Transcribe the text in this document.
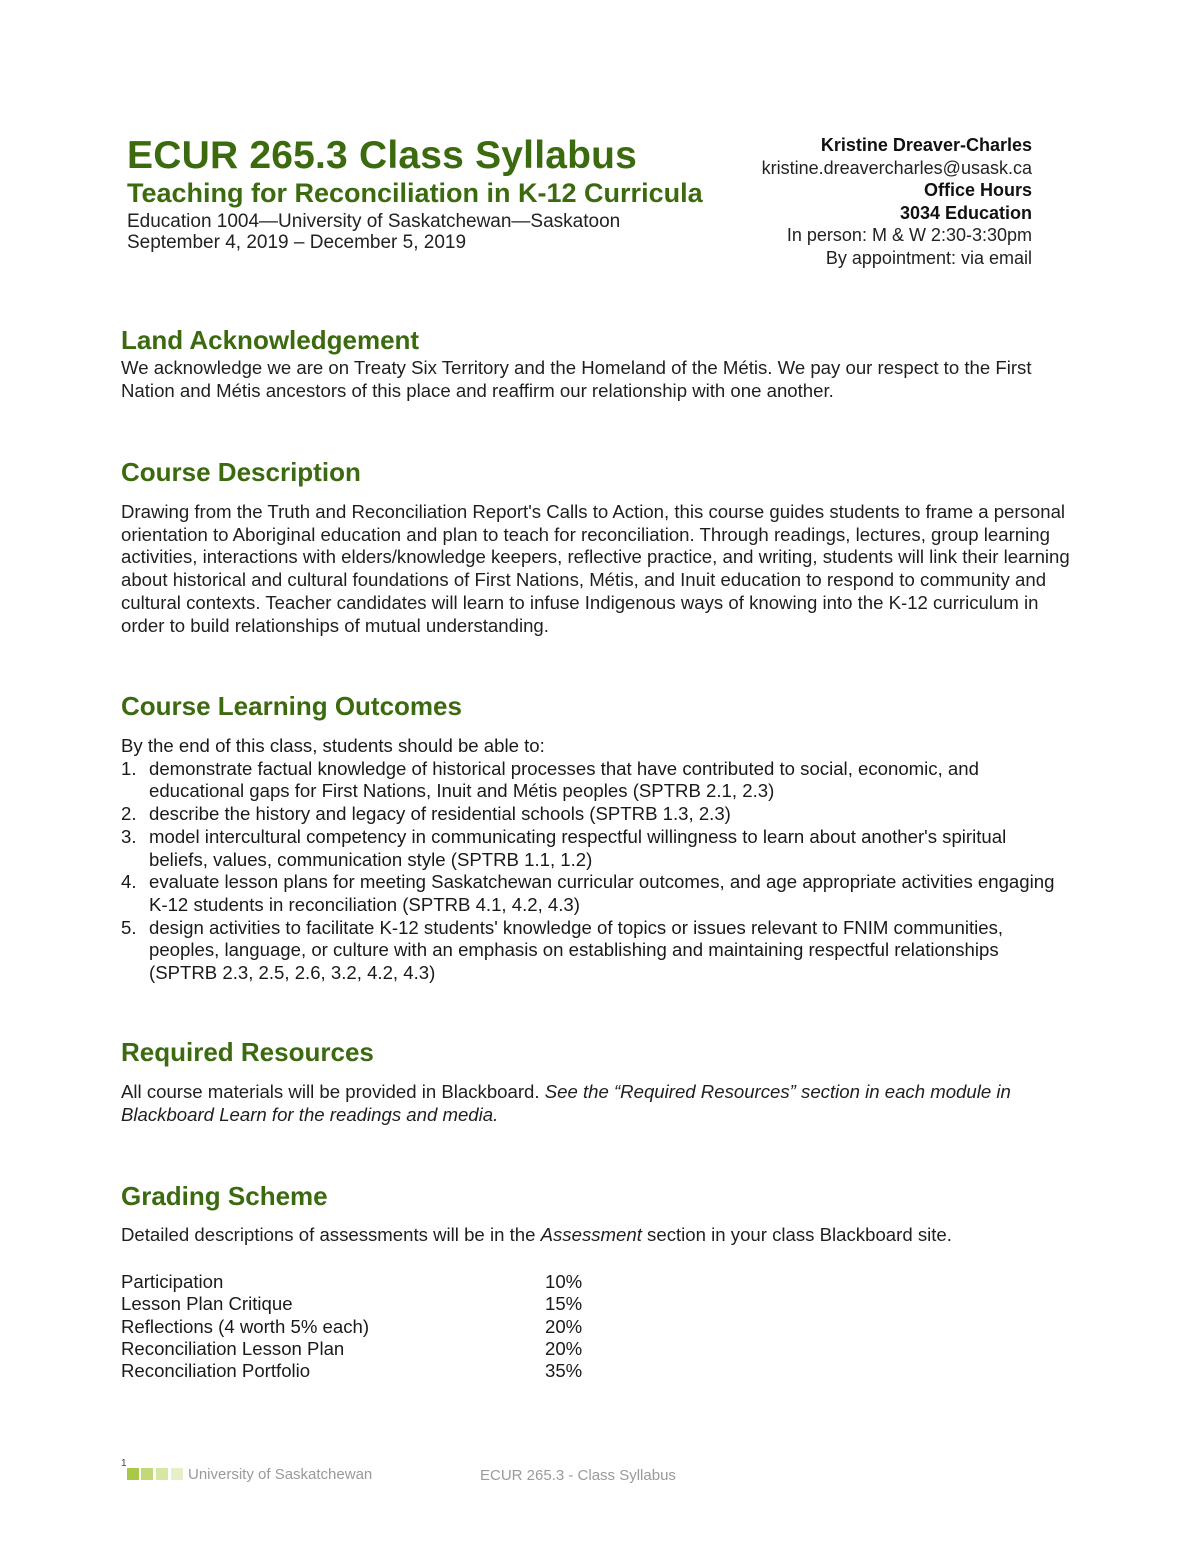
ECUR 265.3 Class Syllabus
Teaching for Reconciliation in K-12 Curricula
Education 1004—University of Saskatchewan—Saskatoon
September 4, 2019 – December 5, 2019
Kristine Dreaver-Charles
kristine.dreavercharles@usask.ca
Office Hours
3034 Education
In person: M & W 2:30-3:30pm
By appointment: via email
Land Acknowledgement
We acknowledge we are on Treaty Six Territory and the Homeland of the Métis. We pay our respect to the First Nation and Métis ancestors of this place and reaffirm our relationship with one another.
Course Description
Drawing from the Truth and Reconciliation Report's Calls to Action, this course guides students to frame a personal orientation to Aboriginal education and plan to teach for reconciliation. Through readings, lectures, group learning activities, interactions with elders/knowledge keepers, reflective practice, and writing, students will link their learning about historical and cultural foundations of First Nations, Métis, and Inuit education to respond to community and cultural contexts. Teacher candidates will learn to infuse Indigenous ways of knowing into the K-12 curriculum in order to build relationships of mutual understanding.
Course Learning Outcomes
By the end of this class, students should be able to:
1. demonstrate factual knowledge of historical processes that have contributed to social, economic, and educational gaps for First Nations, Inuit and Métis peoples (SPTRB 2.1, 2.3)
2. describe the history and legacy of residential schools (SPTRB 1.3, 2.3)
3. model intercultural competency in communicating respectful willingness to learn about another's spiritual beliefs, values, communication style (SPTRB 1.1, 1.2)
4. evaluate lesson plans for meeting Saskatchewan curricular outcomes, and age appropriate activities engaging K-12 students in reconciliation (SPTRB 4.1, 4.2, 4.3)
5. design activities to facilitate K-12 students' knowledge of topics or issues relevant to FNIM communities, peoples, language, or culture with an emphasis on establishing and maintaining respectful relationships (SPTRB 2.3, 2.5, 2.6, 3.2, 4.2, 4.3)
Required Resources
All course materials will be provided in Blackboard. See the “Required Resources” section in each module in Blackboard Learn for the readings and media.
Grading Scheme
Detailed descriptions of assessments will be in the Assessment section in your class Blackboard site.
Participation	10%
Lesson Plan Critique	15%
Reflections (4 worth 5% each)	20%
Reconciliation Lesson Plan	20%
Reconciliation Portfolio	35%
1
University of Saskatchewan	ECUR 265.3 - Class Syllabus
